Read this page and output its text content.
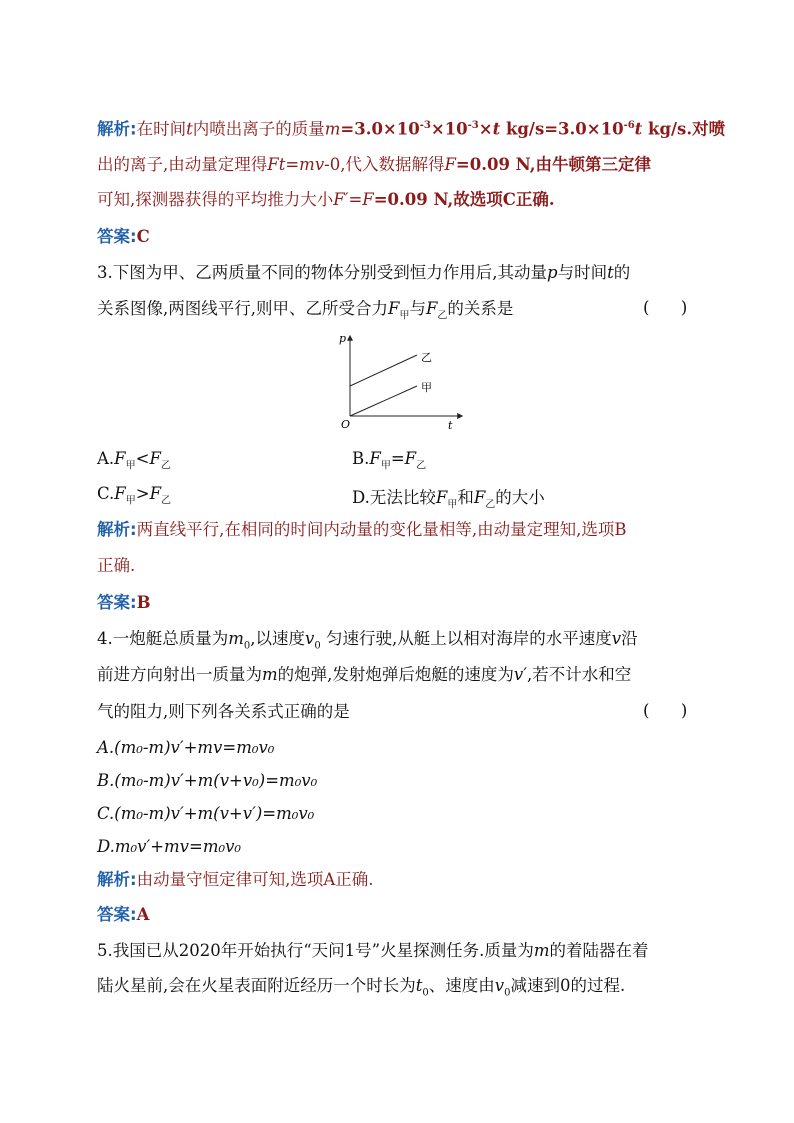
解析:在时间t内喷出离子的质量$m=3.0\times 10^{-3}\times 10^{-3}\times t$ $kg/s=3.0\times 10^{-6}t$ kg/s.对喷
出的离子,由动量定理得Ft=mv-0,代入数据解得F=0.09 N,由牛顿第三定律
可知,探测器获得的平均推力大小F′=F=0.09 N,故选项C正确.
答案:C
3.下图为甲、乙两质量不同的物体分别受到恒力作用后,其动量p与时间t的
关系图像,两图线平行,则甲、乙所受合力$F_甲$与$F_乙$的关系是	(      )
p
t
O
乙
甲
$A.F_甲<F_乙$	$B.F_甲=F_乙$
$C.F_甲>F_乙$	D.无法比较$F_甲$和$F_乙$的大小
解析:两直线平行,在相同的时间内动量的变化量相等,由动量定理知,选项B
正确.
答案:B
4.一炮艇总质量为$m_0$,以速度$v_0$ 匀速行驶,从艇上以相对海岸的水平速度v沿
前进方向射出一质量为m的炮弹,发射炮弹后炮艇的速度为v′,若不计水和空
气的阻力,则下列各关系式正确的是	(      )
A.(m₀-m)v′+mv=m₀v₀
B.(m₀-m)v′+m(v+v₀)=m₀v₀
C.(m₀-m)v′+m(v+v′)=m₀v₀
D.m₀v′+mv=m₀v₀
解析:由动量守恒定律可知,选项A正确.
答案:A
5.我国已从2020年开始执行“天问1号”火星探测任务.质量为m的着陆器在着
陆火星前,会在火星表面附近经历一个时长为$t_0$、速度由$v_0$减速到0的过程.
